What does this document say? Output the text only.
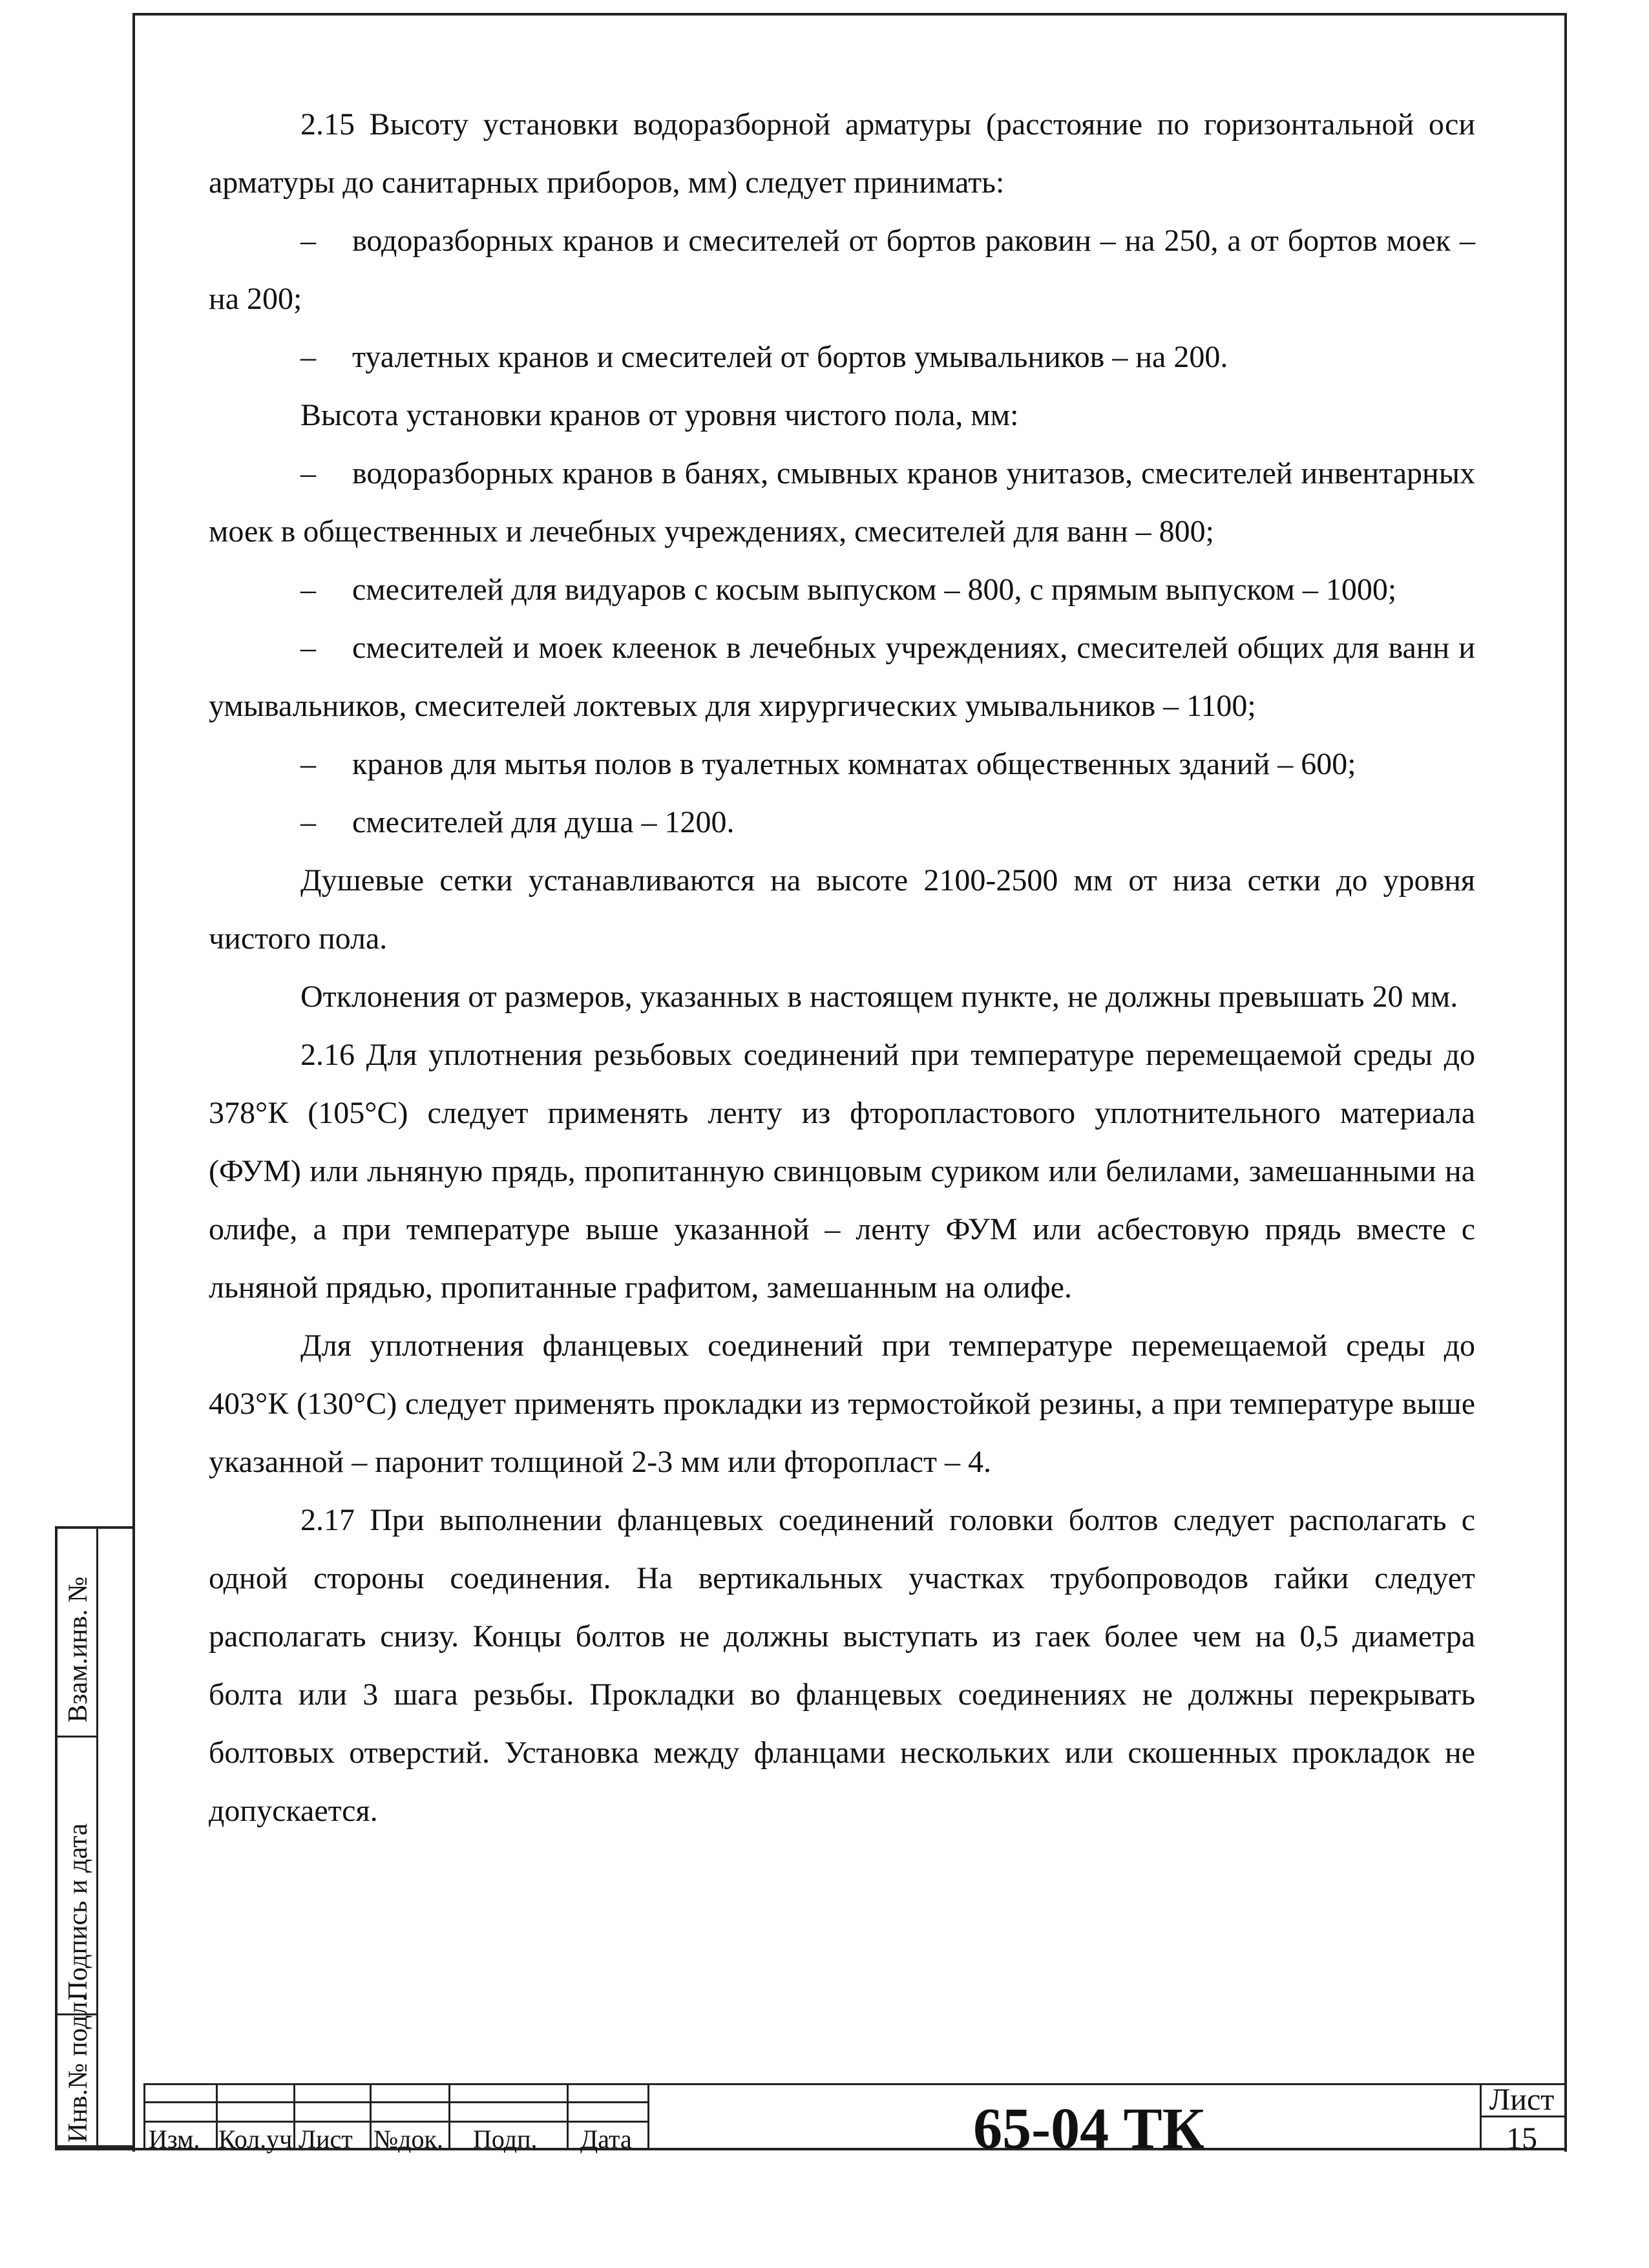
2.15 Высоту установки водоразборной арматуры (расстояние по горизонтальной оси арматуры до санитарных приборов, мм) следует принимать:

– водоразборных кранов и смесителей от бортов раковин – на 250, а от бортов моек – на 200;

– туалетных кранов и смесителей от бортов умывальников – на 200.

Высота установки кранов от уровня чистого пола, мм:

– водоразборных кранов в банях, смывных кранов унитазов, смесителей инвентарных моек в общественных и лечебных учреждениях, смесителей для ванн – 800;

– смесителей для видуаров с косым выпуском – 800, с прямым выпуском – 1000;

– смесителей и моек клеенок в лечебных учреждениях, смесителей общих для ванн и умывальников, смесителей локтевых для хирургических умывальников – 1100;

– кранов для мытья полов в туалетных комнатах общественных зданий – 600;

– смесителей для душа – 1200.

Душевые сетки устанавливаются на высоте 2100-2500 мм от низа сетки до уровня чистого пола.

Отклонения от размеров, указанных в настоящем пункте, не должны превышать 20 мм.

2.16 Для уплотнения резьбовых соединений при температуре перемещаемой среды до 378°К (105°С) следует применять ленту из фторопластового уплотнительного материала (ФУМ) или льняную прядь, пропитанную свинцовым суриком или белилами, замешанными на олифе, а при температуре выше указанной – ленту ФУМ или асбестовую прядь вместе с льняной прядью, пропитанные графитом, замешанным на олифе.

Для уплотнения фланцевых соединений при температуре перемещаемой среды до 403°К (130°С) следует применять прокладки из термостойкой резины, а при температуре выше указанной – паронит толщиной 2-3 мм или фторопласт – 4.

2.17 При выполнении фланцевых соединений головки болтов следует располагать с одной стороны соединения. На вертикальных участках трубопроводов гайки следует располагать снизу. Концы болтов не должны выступать из гаек более чем на 0,5 диаметра болта или 3 шага резьбы. Прокладки во фланцевых соединениях не должны перекрывать болтовых отверстий. Установка между фланцами нескольких или скошенных прокладок не допускается.

Взам.инв. №
Подпись и дата
Инв.№ подл. Изм. Кол.уч Лист №док. Подп. Дата	65-04 ТК	Лист
15
